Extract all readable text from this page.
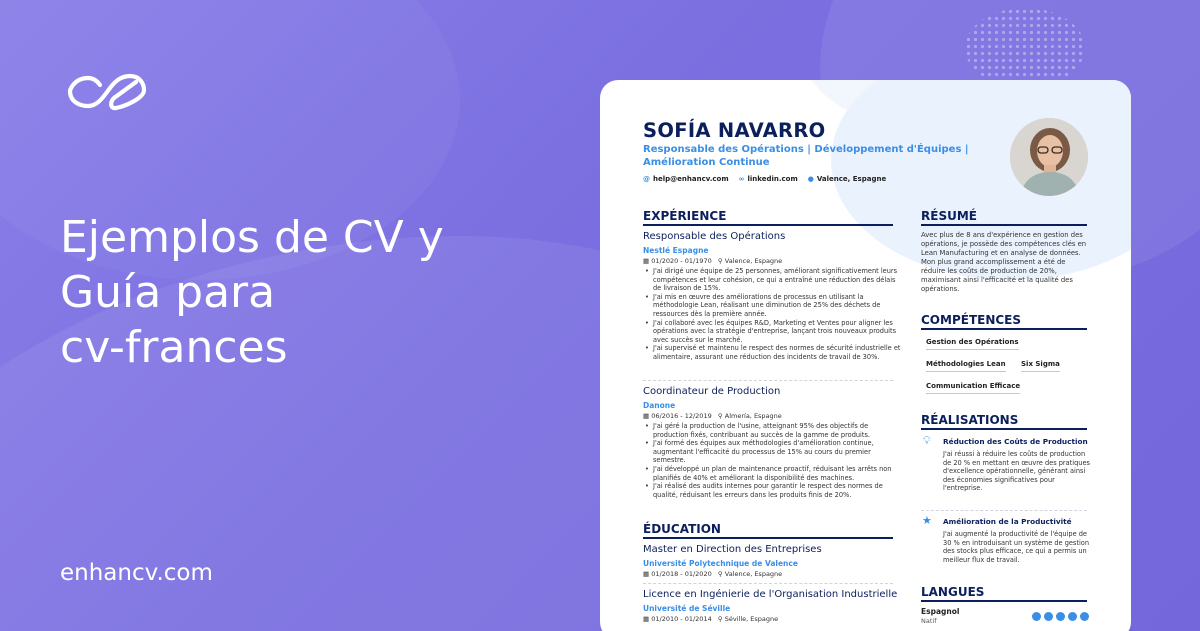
Ejemplos de CV y
Guía para
cv-frances
enhancv.com
SOFÍA NAVARRO
Responsable des Opérations | Développement d'Équipes | Amélioration Continue
@ help@enhancv.com ∞ linkedin.com ● Valence, Espagne
EXPÉRIENCE
Responsable des Opérations
Nestlé Espagne
▦ 01/2020 - 01/1970 ⚲ Valence, Espagne
• J'ai dirigé une équipe de 25 personnes, améliorant significativement leurs compétences et leur cohésion, ce qui a entraîné une réduction des délais de livraison de 15%.
• J'ai mis en œuvre des améliorations de processus en utilisant la méthodologie Lean, réalisant une diminution de 25% des déchets de ressources dès la première année.
• J'ai collaboré avec les équipes R&D, Marketing et Ventes pour aligner les opérations avec la stratégie d'entreprise, lançant trois nouveaux produits avec succès sur le marché.
• J'ai supervisé et maintenu le respect des normes de sécurité industrielle et alimentaire, assurant une réduction des incidents de travail de 30%.
Coordinateur de Production
Danone
▦ 06/2016 - 12/2019 ⚲ Almería, Espagne
• J'ai géré la production de l'usine, atteignant 95% des objectifs de production fixés, contribuant au succès de la gamme de produits.
• J'ai formé des équipes aux méthodologies d'amélioration continue, augmentant l'efficacité du processus de 15% au cours du premier semestre.
• J'ai développé un plan de maintenance proactif, réduisant les arrêts non planifiés de 40% et améliorant la disponibilité des machines.
• J'ai réalisé des audits internes pour garantir le respect des normes de qualité, réduisant les erreurs dans les produits finis de 20%.
ÉDUCATION
Master en Direction des Entreprises
Université Polytechnique de Valence
▦ 01/2018 - 01/2020 ⚲ Valence, Espagne
Licence en Ingénierie de l'Organisation Industrielle
Université de Séville
▦ 01/2010 - 01/2014 ⚲ Séville, Espagne
RÉSUMÉ
Avec plus de 8 ans d'expérience en gestion des opérations, je possède des compétences clés en Lean Manufacturing et en analyse de données. Mon plus grand accomplissement a été de réduire les coûts de production de 20%, maximisant ainsi l'efficacité et la qualité des opérations.
COMPÉTENCES
Gestion des Opérations
Méthodologies Lean Six Sigma
Communication Efficace
RÉALISATIONS
💡︎ Réduction des Coûts de Production
J'ai réussi à réduire les coûts de production de 20 % en mettant en œuvre des pratiques d'excellence opérationnelle, générant ainsi des économies significatives pour l'entreprise.
★ Amélioration de la Productivité
J'ai augmenté la productivité de l'équipe de 30 % en introduisant un système de gestion des stocks plus efficace, ce qui a permis un meilleur flux de travail.
LANGUES
Espagnol
Natif
